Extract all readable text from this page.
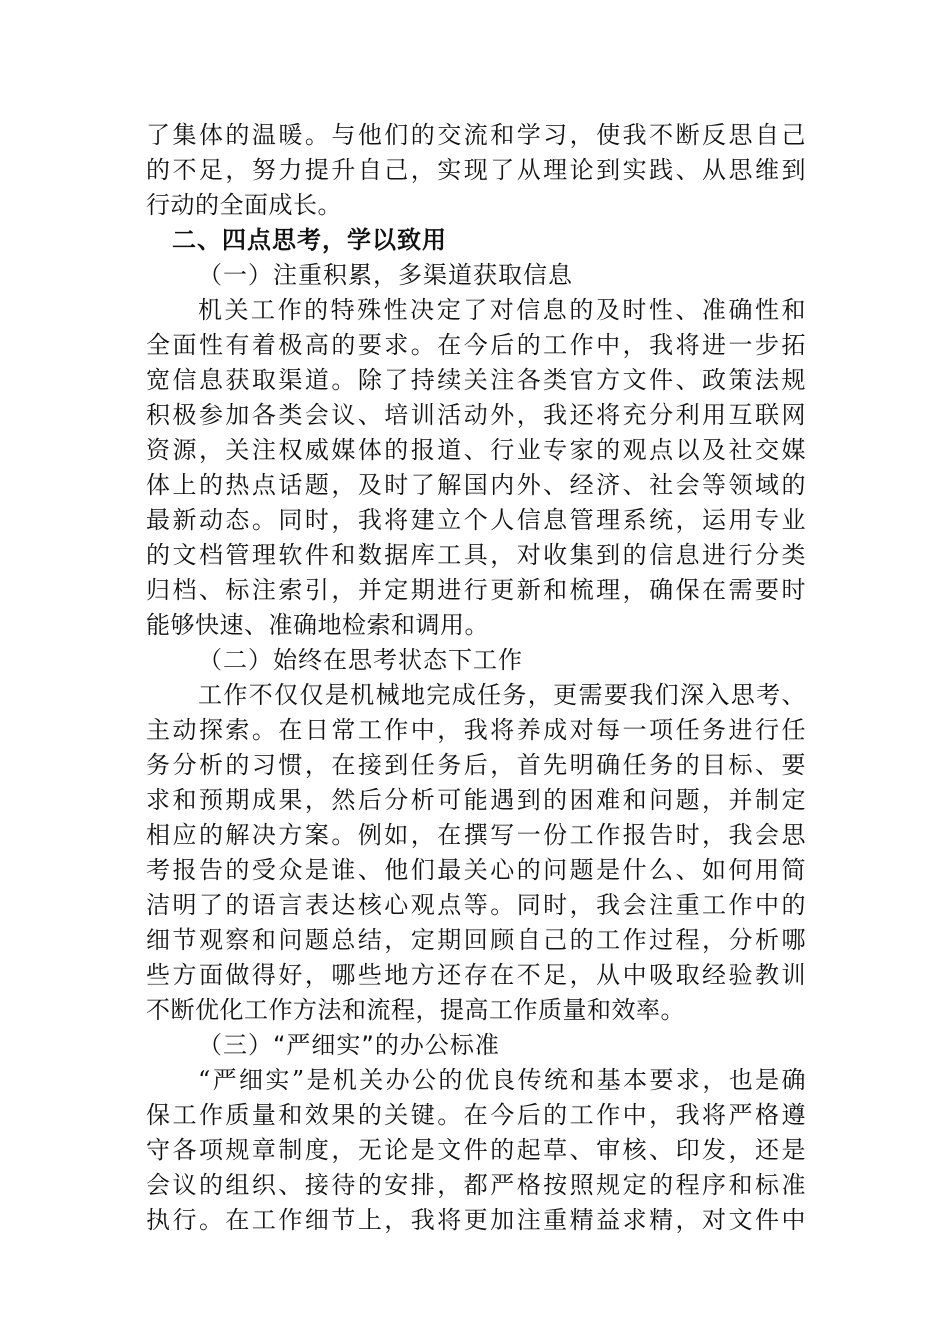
了集体的温暖。与他们的交流和学习，使我不断反思自己
的不足，努力提升自己，实现了从理论到实践、从思维到
行动的全面成长。
二、四点思考，学以致用
（一）注重积累，多渠道获取信息
机关工作的特殊性决定了对信息的及时性、准确性和
全面性有着极高的要求。在今后的工作中，我将进一步拓
宽信息获取渠道。除了持续关注各类官方文件、政策法规
积极参加各类会议、培训活动外，我还将充分利用互联网
资源，关注权威媒体的报道、行业专家的观点以及社交媒
体上的热点话题，及时了解国内外、经济、社会等领域的
最新动态。同时，我将建立个人信息管理系统，运用专业
的文档管理软件和数据库工具，对收集到的信息进行分类
归档、标注索引，并定期进行更新和梳理，确保在需要时
能够快速、准确地检索和调用。
（二）始终在思考状态下工作
工作不仅仅是机械地完成任务，更需要我们深入思考、
主动探索。在日常工作中，我将养成对每一项任务进行任
务分析的习惯，在接到任务后，首先明确任务的目标、要
求和预期成果，然后分析可能遇到的困难和问题，并制定
相应的解决方案。例如，在撰写一份工作报告时，我会思
考报告的受众是谁、他们最关心的问题是什么、如何用简
洁明了的语言表达核心观点等。同时，我会注重工作中的
细节观察和问题总结，定期回顾自己的工作过程，分析哪
些方面做得好，哪些地方还存在不足，从中吸取经验教训
不断优化工作方法和流程，提高工作质量和效率。
（三）“严细实”的办公标准
“严细实”是机关办公的优良传统和基本要求，也是确
保工作质量和效果的关键。在今后的工作中，我将严格遵
守各项规章制度，无论是文件的起草、审核、印发，还是
会议的组织、接待的安排，都严格按照规定的程序和标准
执行。在工作细节上，我将更加注重精益求精，对文件中
